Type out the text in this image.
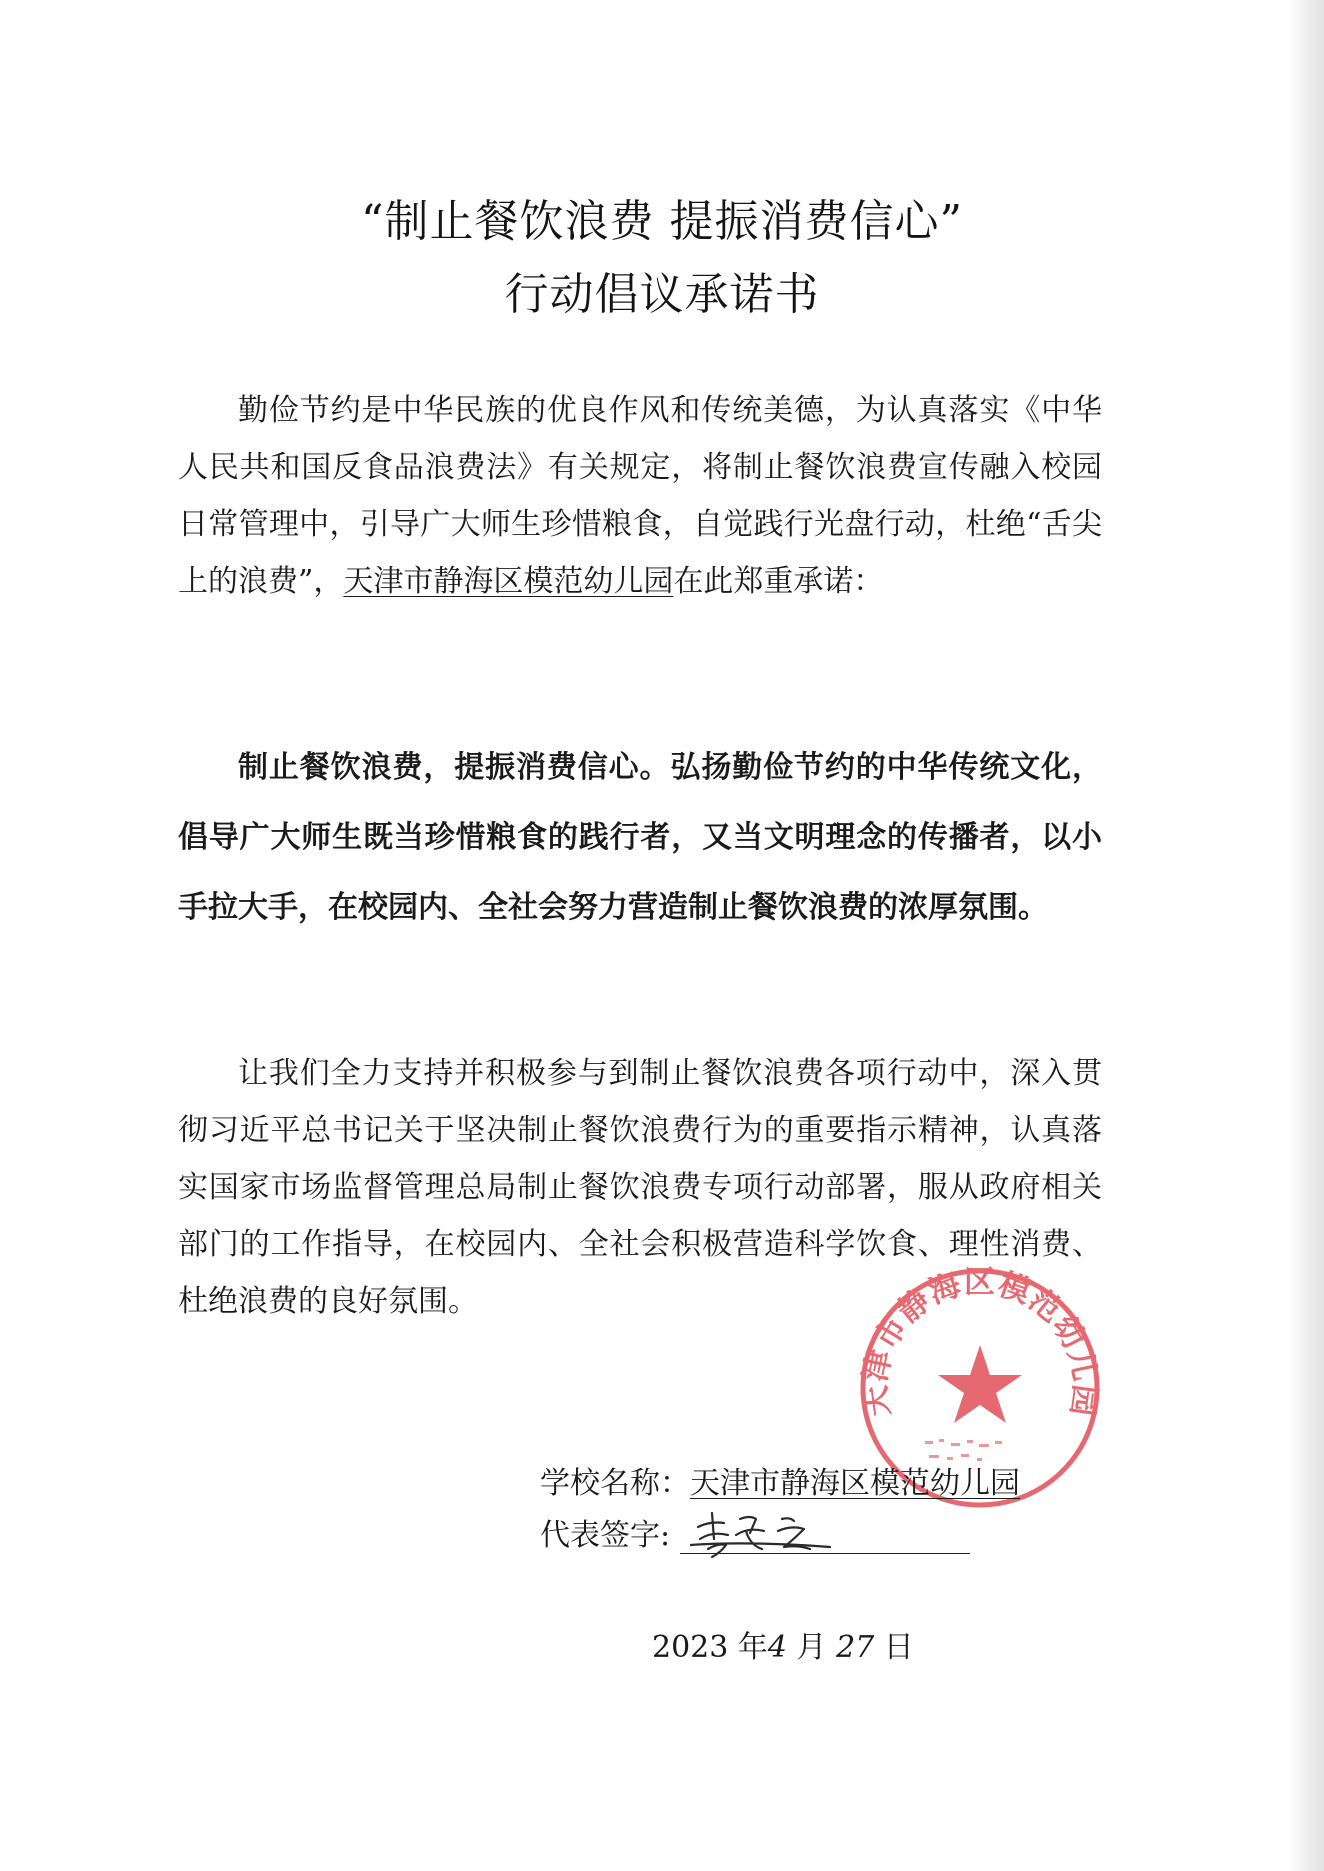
“制止餐饮浪费 提振消费信心”
行动倡议承诺书

勤俭节约是中华民族的优良作风和传统美德，为认真落实《中华人民共和国反食品浪费法》有关规定，将制止餐饮浪费宣传融入校园日常管理中，引导广大师生珍惜粮食，自觉践行光盘行动，杜绝“舌尖上的浪费”，天津市静海区模范幼儿园在此郑重承诺：

制止餐饮浪费，提振消费信心。弘扬勤俭节约的中华传统文化，倡导广大师生既当珍惜粮食的践行者，又当文明理念的传播者，以小手拉大手，在校园内、全社会努力营造制止餐饮浪费的浓厚氛围。

让我们全力支持并积极参与到制止餐饮浪费各项行动中，深入贯彻习近平总书记关于坚决制止餐饮浪费行为的重要指示精神，认真落实国家市场监督管理总局制止餐饮浪费专项行动部署，服从政府相关部门的工作指导，在校园内、全社会积极营造科学饮食、理性消费、杜绝浪费的良好氛围。

天津市静海区模范幼儿园
学校名称：天津市静海区模范幼儿园
代表签字:
2023 年4 月 27 日
